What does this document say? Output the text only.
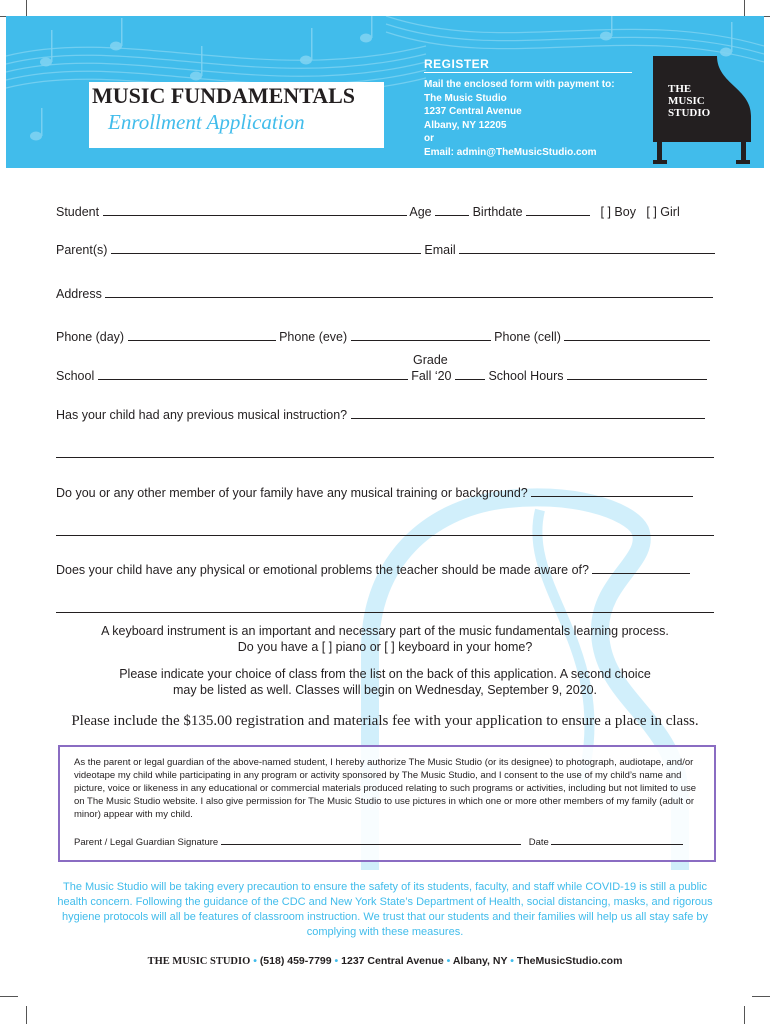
MUSIC FUNDAMENTALS
Enrollment Application
REGISTER
Mail the enclosed form with payment to:
The Music Studio
1237 Central Avenue
Albany, NY 12205
or
Email: admin@TheMusicStudio.com
THE
MUSIC
STUDIO
Student	Age	Birthdate	[ ] Boy [ ] Girl
Parent(s)	Email
Address
Phone (day)	Phone (eve)	Phone (cell)
Grade
School	Fall ‘20	School Hours
Has your child had any previous musical instruction?
Do you or any other member of your family have any musical training or background?
Does your child have any physical or emotional problems the teacher should be made aware of?
A keyboard instrument is an important and necessary part of the music fundamentals learning process.
Do you have a [ ] piano or [ ] keyboard in your home?
Please indicate your choice of class from the list on the back of this application. A second choice
may be listed as well. Classes will begin on Wednesday, September 9, 2020.
Please include the $135.00 registration and materials fee with your application to ensure a place in class.
As the parent or legal guardian of the above-named student, I hereby authorize The Music Studio (or its designee) to photograph, audiotape, and/or videotape my child while participating in any program or activity sponsored by The Music Studio, and I consent to the use of my child’s name and picture, voice or likeness in any educational or commercial materials produced relating to such programs or activities, including but not limited to use on The Music Studio website. I also give permission for The Music Studio to use pictures in which one or more other members of my family (adult or minor) appear with my child.
Parent / Legal Guardian Signature	Date
The Music Studio will be taking every precaution to ensure the safety of its students, faculty, and staff while COVID-19 is still a public health concern. Following the guidance of the CDC and New York State’s Department of Health, social distancing, masks, and rigorous hygiene protocols will all be features of classroom instruction. We trust that our students and their families will help us all stay safe by complying with these measures.
THE MUSIC STUDIO • (518) 459-7799 • 1237 Central Avenue • Albany, NY • TheMusicStudio.com
